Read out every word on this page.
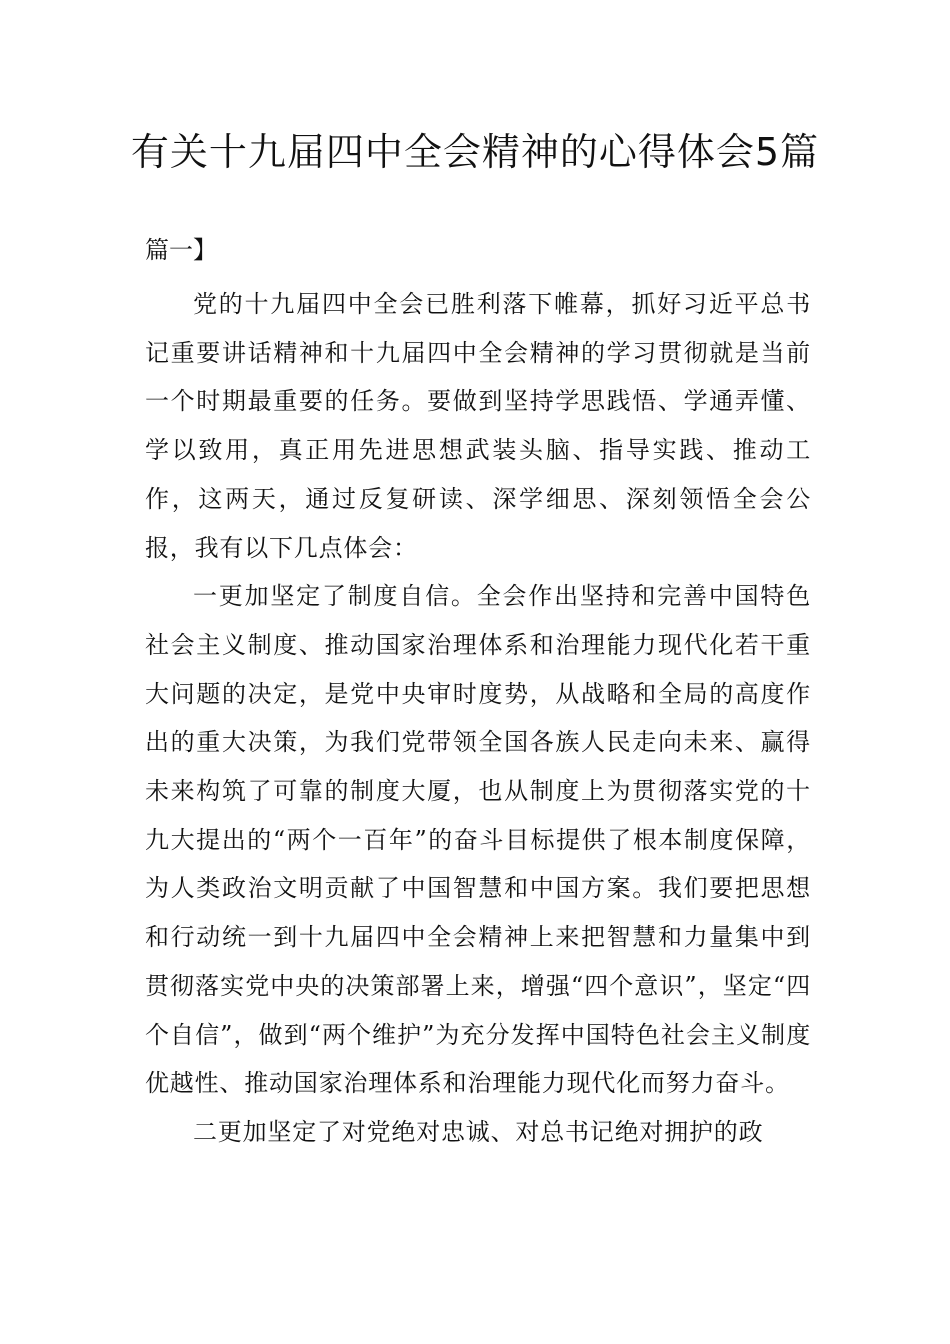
有关十九届四中全会精神的心得体会5篇

篇一】

党的十九届四中全会已胜利落下帷幕，抓好习近平总书记重要讲话精神和十九届四中全会精神的学习贯彻就是当前一个时期最重要的任务。要做到坚持学思践悟、学通弄懂、学以致用，真正用先进思想武装头脑、指导实践、推动工作，这两天，通过反复研读、深学细思、深刻领悟全会公报，我有以下几点体会：

一更加坚定了制度自信。全会作出坚持和完善中国特色社会主义制度、推动国家治理体系和治理能力现代化若干重大问题的决定，是党中央审时度势，从战略和全局的高度作出的重大决策，为我们党带领全国各族人民走向未来、赢得未来构筑了可靠的制度大厦，也从制度上为贯彻落实党的十九大提出的“两个一百年”的奋斗目标提供了根本制度保障，为人类政治文明贡献了中国智慧和中国方案。我们要把思想和行动统一到十九届四中全会精神上来把智慧和力量集中到贯彻落实党中央的决策部署上来，增强“四个意识”，坚定“四个自信”，做到“两个维护”为充分发挥中国特色社会主义制度优越性、推动国家治理体系和治理能力现代化而努力奋斗。

二更加坚定了对党绝对忠诚、对总书记绝对拥护的政
